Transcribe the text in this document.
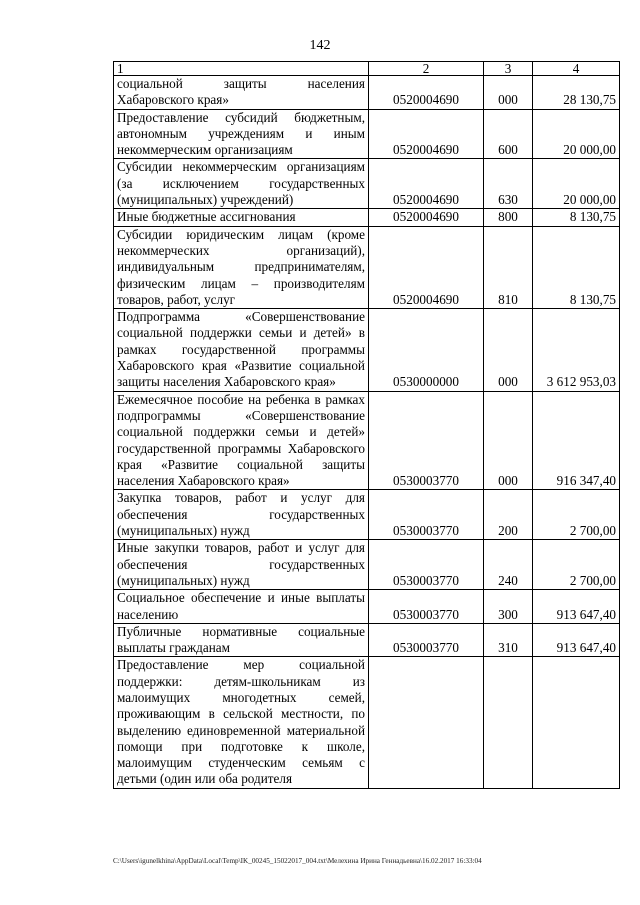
142
1	2	3	4
социальной защиты населения Хабаровского края»	0520004690	000	28 130,75
Предоставление субсидий бюджетным, автономным учреждениям и иным некоммерческим организациям	0520004690	600	20 000,00
Субсидии некоммерческим организациям (за исключением государственных (муниципальных) учреждений)	0520004690	630	20 000,00
Иные бюджетные ассигнования	0520004690	800	8 130,75
Субсидии юридическим лицам (кроме некоммерческих организаций), индивидуальным предпринимателям, физическим лицам – производителям товаров, работ, услуг	0520004690	810	8 130,75
Подпрограмма «Совершенствование социальной поддержки семьи и детей» в рамках государственной программы Хабаровского края «Развитие социальной защиты населения Хабаровского края»	0530000000	000	3 612 953,03
Ежемесячное пособие на ребенка в рамках подпрограммы «Совершенствование социальной поддержки семьи и детей» государственной программы Хабаровского края «Развитие социальной защиты населения Хабаровского края»	0530003770	000	916 347,40
Закупка товаров, работ и услуг для обеспечения государственных (муниципальных) нужд	0530003770	200	2 700,00
Иные закупки товаров, работ и услуг для обеспечения государственных (муниципальных) нужд	0530003770	240	2 700,00
Социальное обеспечение и иные выплаты населению	0530003770	300	913 647,40
Публичные нормативные социальные выплаты гражданам	0530003770	310	913 647,40
Предоставление мер социальной поддержки: детям-школьникам из малоимущих многодетных семей, проживающим в сельской местности, по выделению единовременной материальной помощи при подготовке к школе, малоимущим студенческим семьям с детьми (один или оба родителя			
C:\Users\igunelkhina\AppData\Local\Temp\IK_00245_15022017_004.txt\Мелехина Ирина Геннадьевна\16.02.2017 16:33:04
